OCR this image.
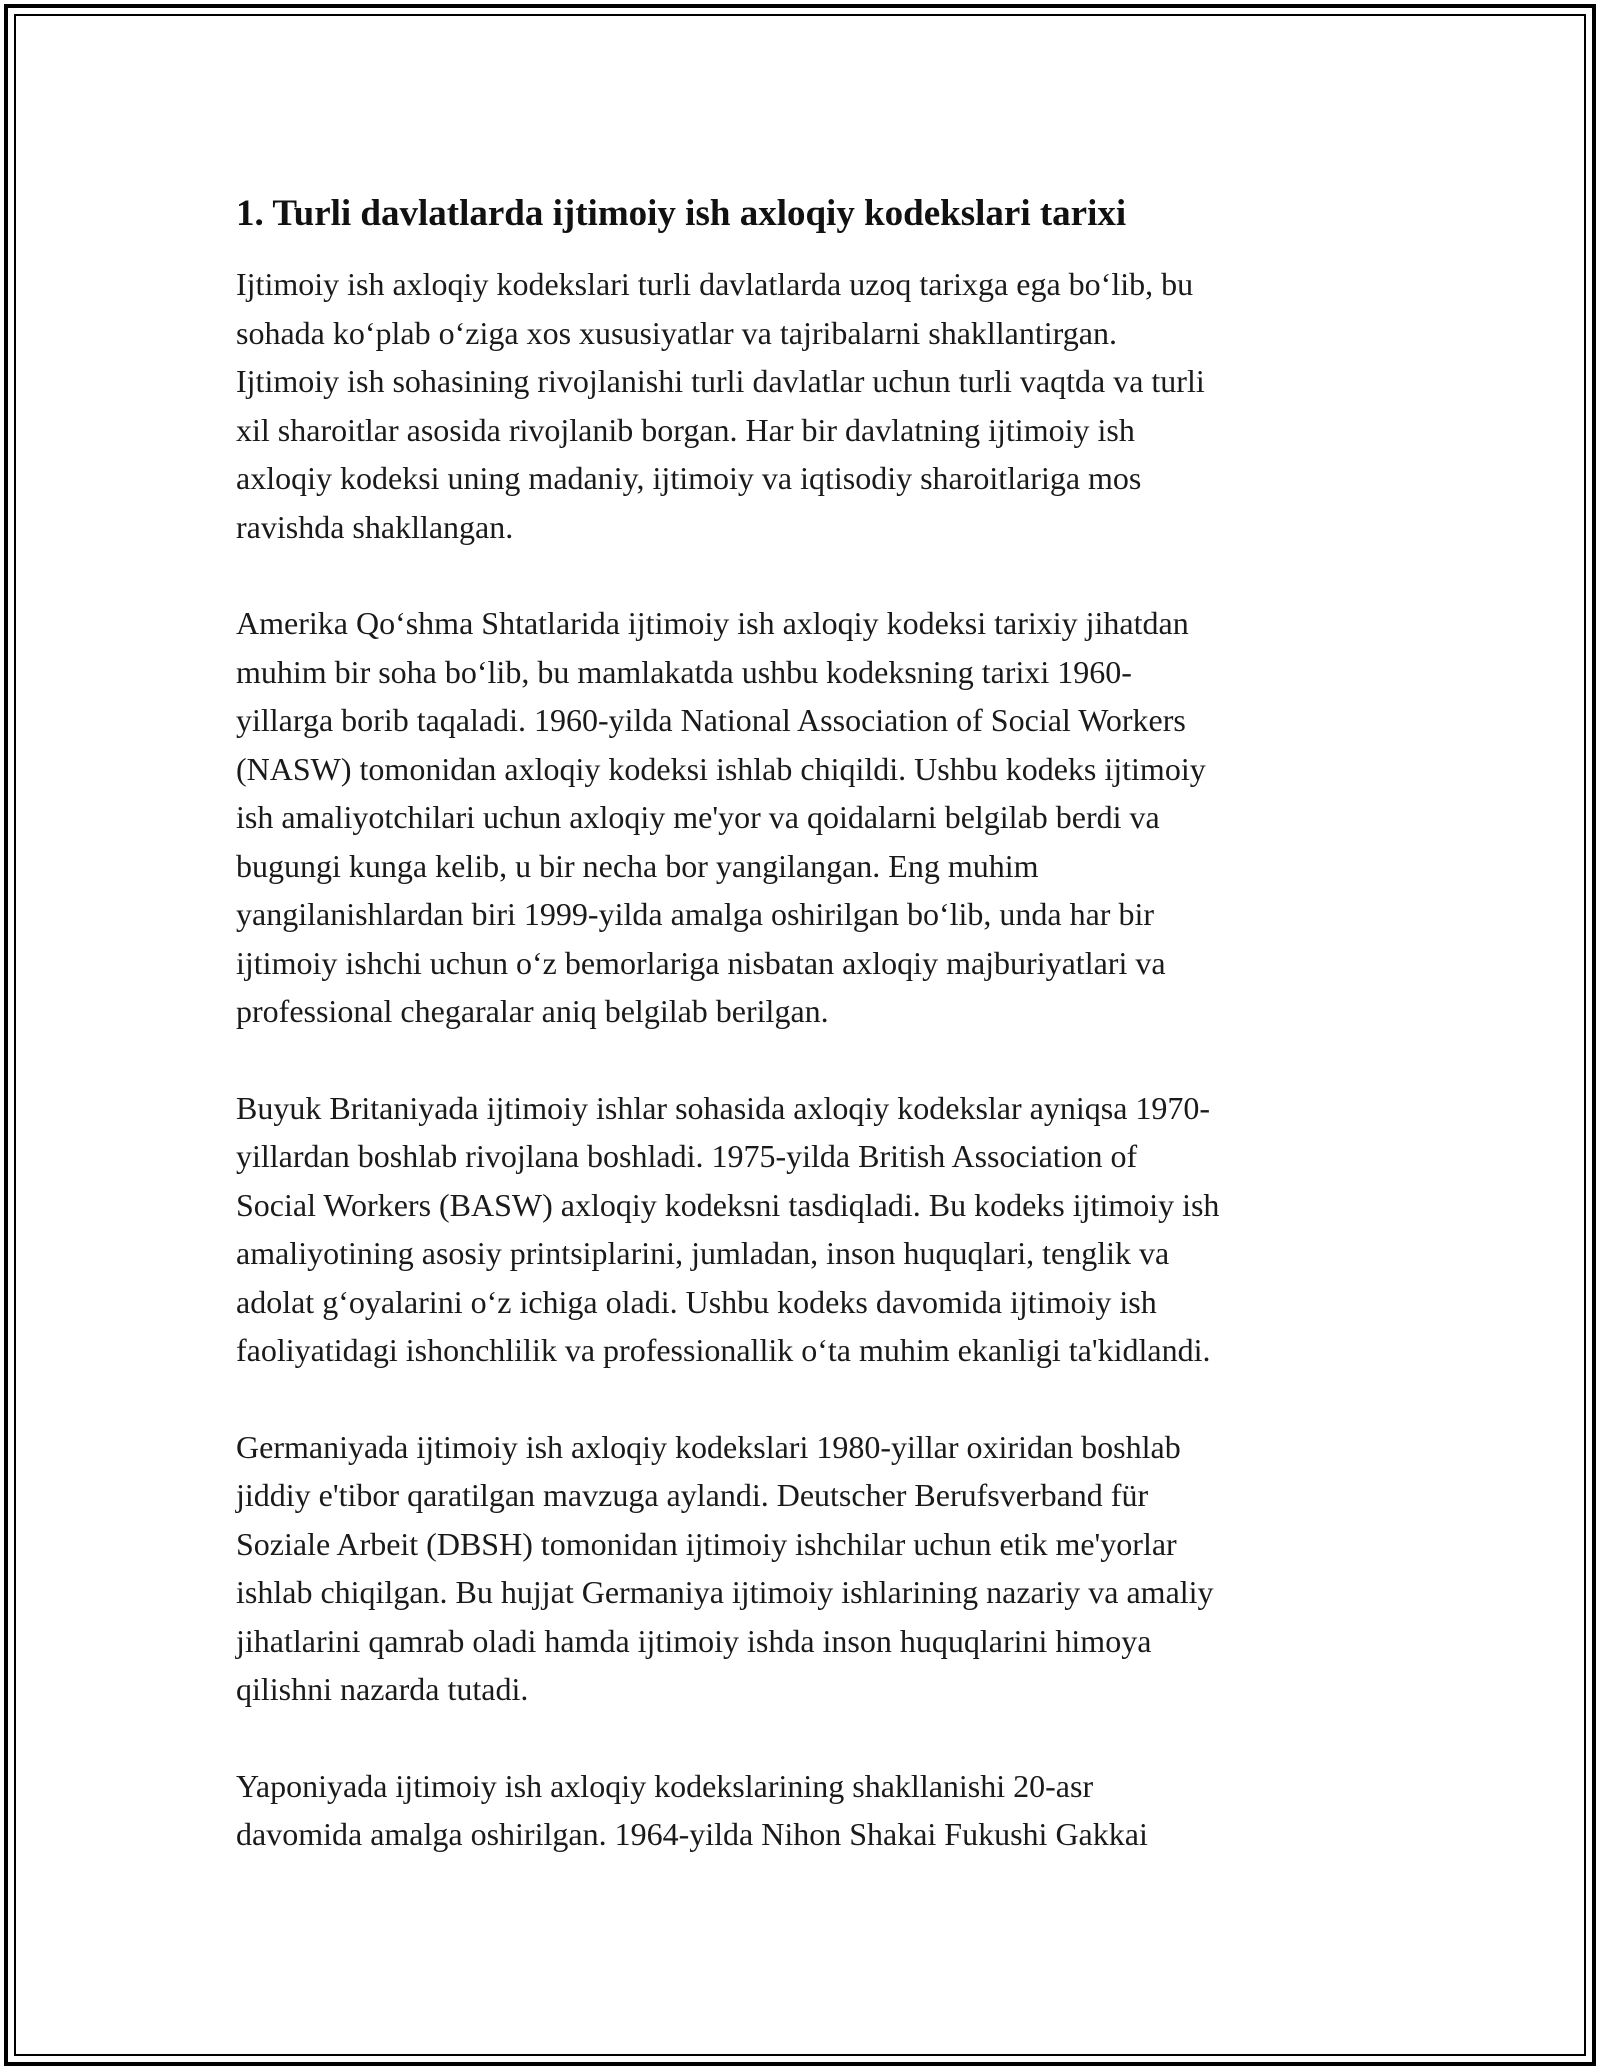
1. Turli davlatlarda ijtimoiy ish axloqiy kodekslari tarixi

Ijtimoiy ish axloqiy kodekslari turli davlatlarda uzoq tarixga ega bo‘lib, bu
sohada ko‘plab o‘ziga xos xususiyatlar va tajribalarni shakllantirgan.
Ijtimoiy ish sohasining rivojlanishi turli davlatlar uchun turli vaqtda va turli
xil sharoitlar asosida rivojlanib borgan. Har bir davlatning ijtimoiy ish
axloqiy kodeksi uning madaniy, ijtimoiy va iqtisodiy sharoitlariga mos
ravishda shakllangan.

Amerika Qo‘shma Shtatlarida ijtimoiy ish axloqiy kodeksi tarixiy jihatdan
muhim bir soha bo‘lib, bu mamlakatda ushbu kodeksning tarixi 1960-
yillarga borib taqaladi. 1960-yilda National Association of Social Workers
(NASW) tomonidan axloqiy kodeksi ishlab chiqildi. Ushbu kodeks ijtimoiy
ish amaliyotchilari uchun axloqiy me'yor va qoidalarni belgilab berdi va
bugungi kunga kelib, u bir necha bor yangilangan. Eng muhim
yangilanishlardan biri 1999-yilda amalga oshirilgan bo‘lib, unda har bir
ijtimoiy ishchi uchun o‘z bemorlariga nisbatan axloqiy majburiyatlari va
professional chegaralar aniq belgilab berilgan.

Buyuk Britaniyada ijtimoiy ishlar sohasida axloqiy kodekslar ayniqsa 1970-
yillardan boshlab rivojlana boshladi. 1975-yilda British Association of
Social Workers (BASW) axloqiy kodeksni tasdiqladi. Bu kodeks ijtimoiy ish
amaliyotining asosiy printsiplarini, jumladan, inson huquqlari, tenglik va
adolat g‘oyalarini o‘z ichiga oladi. Ushbu kodeks davomida ijtimoiy ish
faoliyatidagi ishonchlilik va professionallik o‘ta muhim ekanligi ta'kidlandi.

Germaniyada ijtimoiy ish axloqiy kodekslari 1980-yillar oxiridan boshlab
jiddiy e'tibor qaratilgan mavzuga aylandi. Deutscher Berufsverband für
Soziale Arbeit (DBSH) tomonidan ijtimoiy ishchilar uchun etik me'yorlar
ishlab chiqilgan. Bu hujjat Germaniya ijtimoiy ishlarining nazariy va amaliy
jihatlarini qamrab oladi hamda ijtimoiy ishda inson huquqlarini himoya
qilishni nazarda tutadi.

Yaponiyada ijtimoiy ish axloqiy kodekslarining shakllanishi 20-asr
davomida amalga oshirilgan. 1964-yilda Nihon Shakai Fukushi Gakkai
